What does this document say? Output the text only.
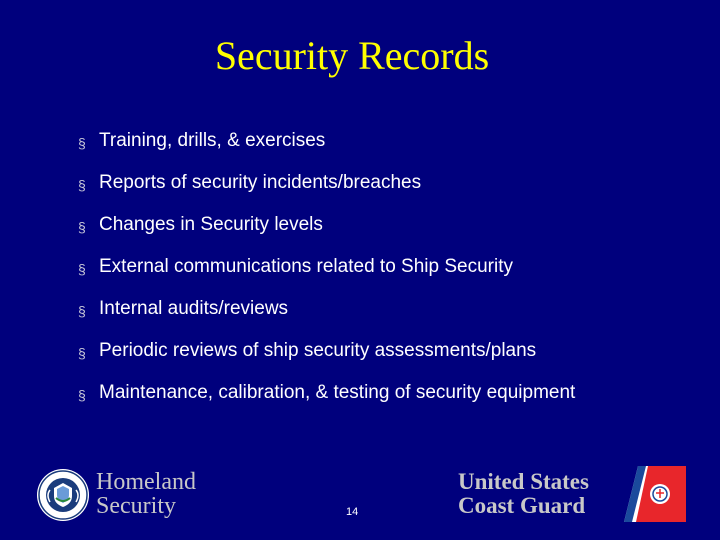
Security Records
§ Training, drills, & exercises
§ Reports of security incidents/breaches
§ Changes in Security levels
§ External communications related to Ship Security
§ Internal audits/reviews
§ Periodic reviews of ship security assessments/plans
§ Maintenance, calibration, & testing of security equipment
Homeland
Security	14
United States
Coast Guard
